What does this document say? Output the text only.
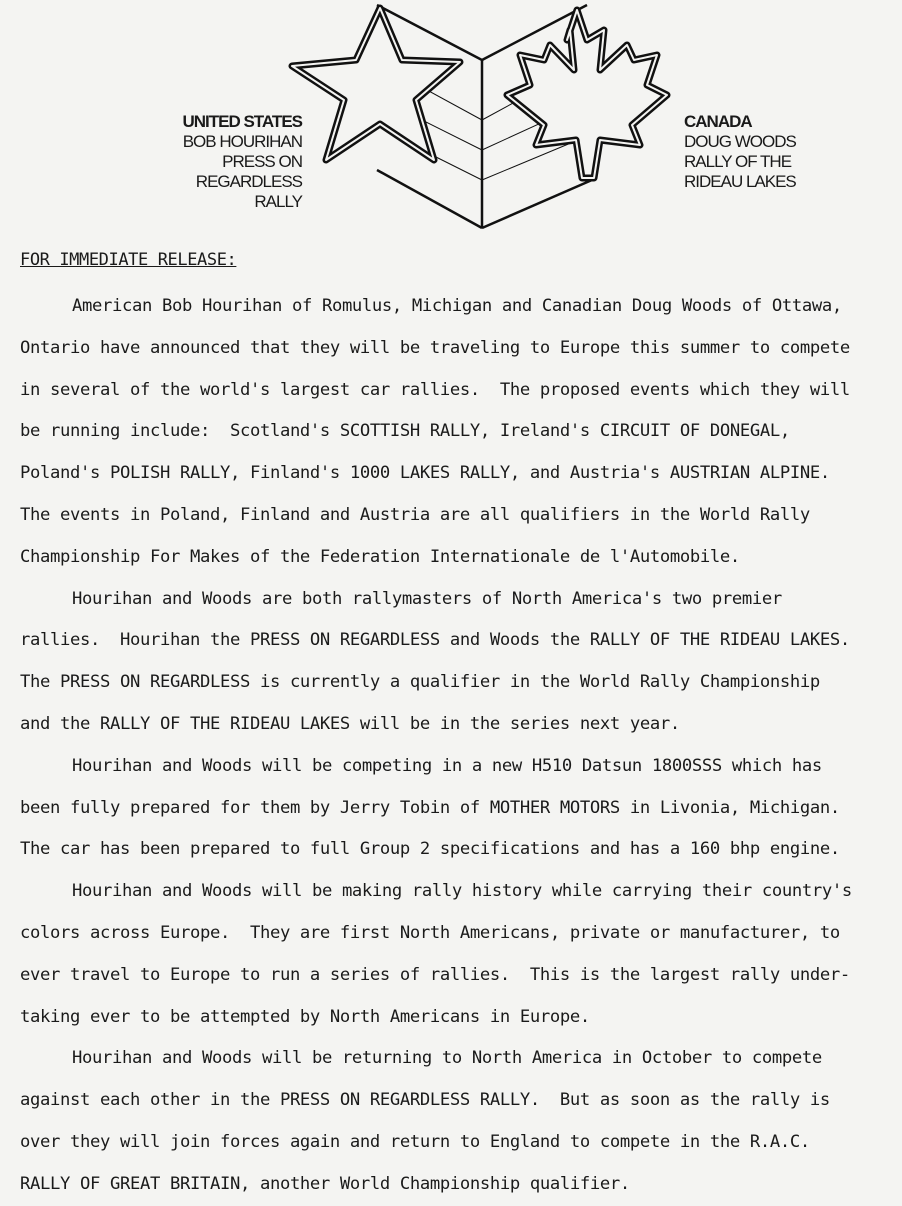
UNITED STATES
BOB HOURIHAN
PRESS ON
REGARDLESS RALLY
CANADA
DOUG WOODS
RALLY OF THE
RIDEAU LAKES
FOR IMMEDIATE RELEASE:
American Bob Hourihan of Romulus, Michigan and Canadian Doug Woods of Ottawa,
Ontario have announced that they will be traveling to Europe this summer to compete
in several of the world's largest car rallies.  The proposed events which they will
be running include:  Scotland's SCOTTISH RALLY, Ireland's CIRCUIT OF DONEGAL,
Poland's POLISH RALLY, Finland's 1000 LAKES RALLY, and Austria's AUSTRIAN ALPINE.
The events in Poland, Finland and Austria are all qualifiers in the World Rally
Championship For Makes of the Federation Internationale de l'Automobile.
Hourihan and Woods are both rallymasters of North America's two premier
rallies.  Hourihan the PRESS ON REGARDLESS and Woods the RALLY OF THE RIDEAU LAKES.
The PRESS ON REGARDLESS is currently a qualifier in the World Rally Championship
and the RALLY OF THE RIDEAU LAKES will be in the series next year.
Hourihan and Woods will be competing in a new H510 Datsun 1800SSS which has
been fully prepared for them by Jerry Tobin of MOTHER MOTORS in Livonia, Michigan.
The car has been prepared to full Group 2 specifications and has a 160 bhp engine.
Hourihan and Woods will be making rally history while carrying their country's
colors across Europe.  They are first North Americans, private or manufacturer, to
ever travel to Europe to run a series of rallies.  This is the largest rally under-
taking ever to be attempted by North Americans in Europe.
Hourihan and Woods will be returning to North America in October to compete
against each other in the PRESS ON REGARDLESS RALLY.  But as soon as the rally is
over they will join forces again and return to England to compete in the R.A.C.
RALLY OF GREAT BRITAIN, another World Championship qualifier.
